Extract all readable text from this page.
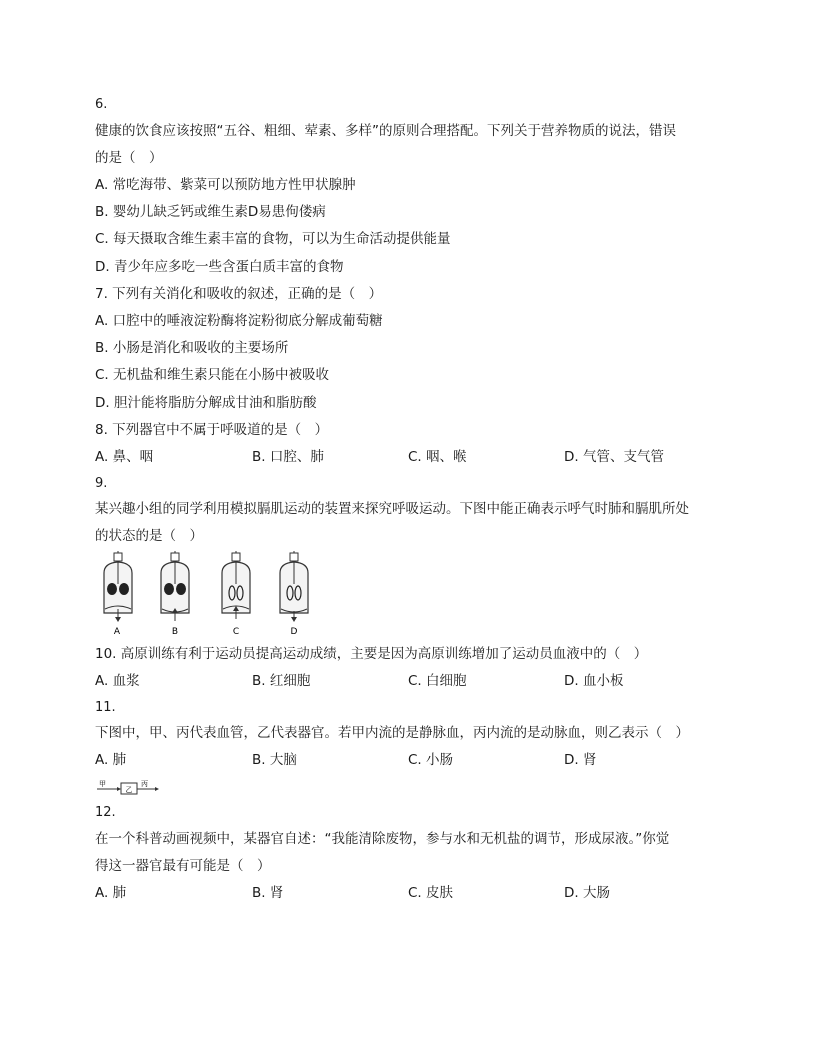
6.
健康的饮食应该按照“五谷、粗细、荤素、多样”的原则合理搭配。下列关于营养物质的说法，错误
的是（　）
A. 常吃海带、紫菜可以预防地方性甲状腺肿
B. 婴幼儿缺乏钙或维生素D易患佝偻病
C. 每天摄取含维生素丰富的食物，可以为生命活动提供能量
D. 青少年应多吃一些含蛋白质丰富的食物
7. 下列有关消化和吸收的叙述，正确的是（　）
A. 口腔中的唾液淀粉酶将淀粉彻底分解成葡萄糖
B. 小肠是消化和吸收的主要场所
C. 无机盐和维生素只能在小肠中被吸收
D. 胆汁能将脂肪分解成甘油和脂肪酸
8. 下列器官中不属于呼吸道的是（　）
A. 鼻、咽	B. 口腔、肺	C. 咽、喉	D. 气管、支气管
9.
某兴趣小组的同学利用模拟膈肌运动的装置来探究呼吸运动。下图中能正确表示呼气时肺和膈肌所处
的状态的是（　）
A	B	C	D
10. 高原训练有利于运动员提高运动成绩，主要是因为高原训练增加了运动员血液中的（　）
A. 血浆	B. 红细胞	C. 白细胞	D. 血小板
11.
下图中，甲、丙代表血管，乙代表器官。若甲内流的是静脉血，丙内流的是动脉血，则乙表示（　）
A. 肺	B. 大脑	C. 小肠	D. 肾
甲
乙
丙
12.
在一个科普动画视频中，某器官自述：“我能清除废物，参与水和无机盐的调节，形成尿液。”你觉
得这一器官最有可能是（　）
A. 肺	B. 肾	C. 皮肤	D. 大肠
